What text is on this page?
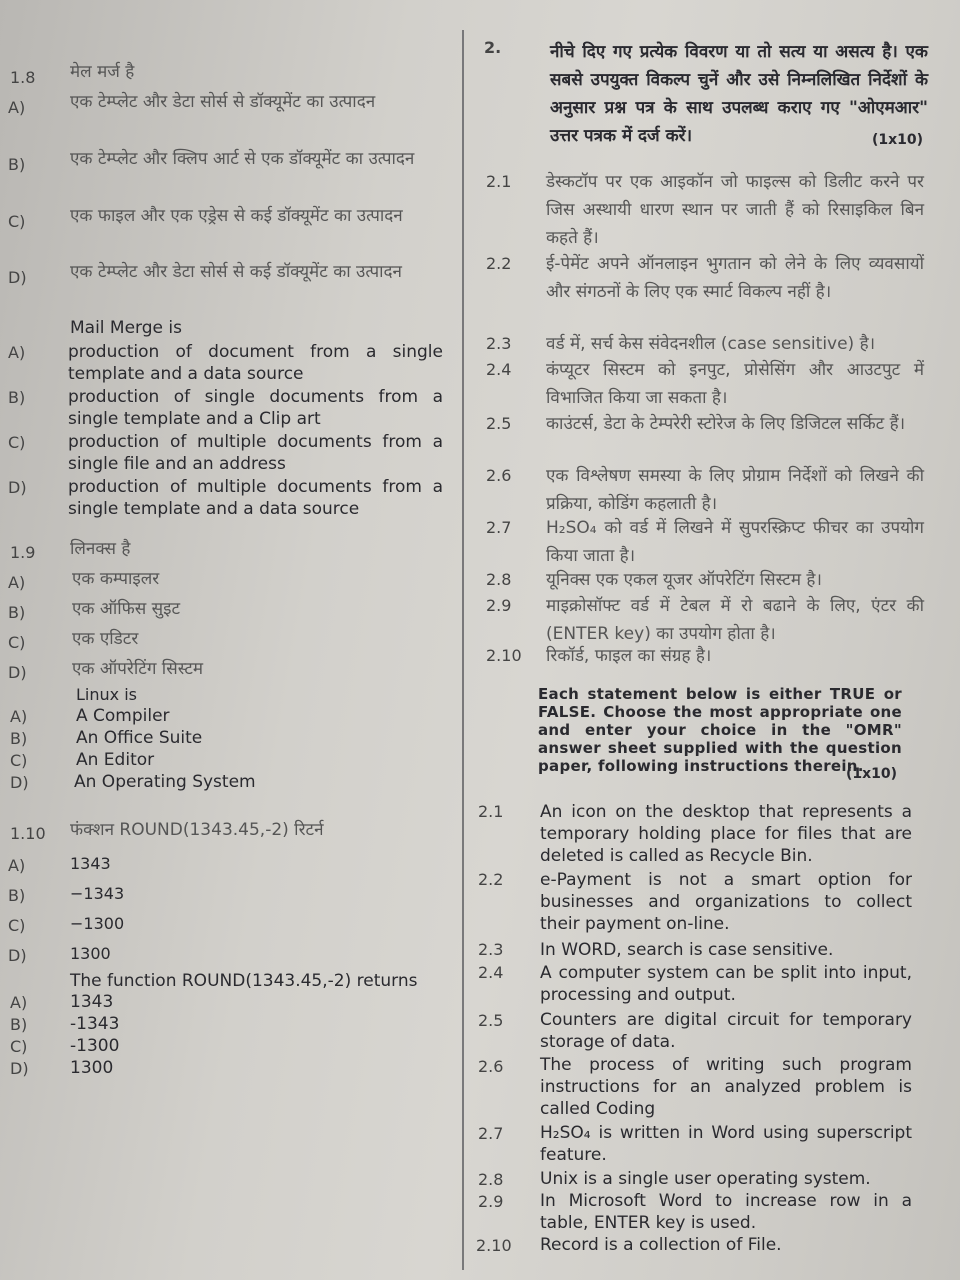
1.8 मेल मर्ज है
A)	एक टेम्प्लेट और डेटा सोर्स से डॉक्यूमेंट का उत्पादन
B)	एक टेम्प्लेट और क्लिप आर्ट से एक डॉक्यूमेंट का उत्पादन
C)	एक फाइल और एक एड्रेस से कई डॉक्यूमेंट का उत्पादन
D)	एक टेम्प्लेट और डेटा सोर्स से कई डॉक्यूमेंट का उत्पादन
Mail Merge is
A)	production of document from a single template and a data source
B)	production of single documents from a single template and a Clip art
C)	production of multiple documents from a single file and an address
D) production of multiple documents from a single template and a data source
1.9 लिनक्स है
A)	एक कम्पाइलर
B)	एक ऑफिस सुइट
C)	एक एडिटर
D)	एक ऑपरेटिंग सिस्टम
Linux is
A)	A Compiler
B)	An Office Suite
C)	An Editor
D)	An Operating System
1.10 फंक्शन ROUND(1343.45,-2) रिटर्न
A)	1343
B)	−1343
C)	−1300
D)	1300
The function ROUND(1343.45,-2) returns
A)	1343
B)	-1343
C)	-1300
D) 1300
2.	नीचे दिए गए प्रत्येक विवरण या तो सत्य या असत्य है। एक सबसे उपयुक्त विकल्प चुनें और उसे निम्नलिखित निर्देशों के अनुसार प्रश्न पत्र के साथ उपलब्ध कराए गए "ओएमआर" उत्तर पत्रक में दर्ज करें।	(1x10)
2.1 डेस्कटॉप पर एक आइकॉन जो फाइल्स को डिलीट करने पर जिस अस्थायी धारण स्थान पर जाती हैं को रिसाइकिल बिन कहते हैं।
2.2 ई-पेमेंट अपने ऑनलाइन भुगतान को लेने के लिए व्यवसायों और संगठनों के लिए एक स्मार्ट विकल्प नहीं है।
2.3 वर्ड में, सर्च केस संवेदनशील (case sensitive) है।
2.4 कंप्यूटर सिस्टम को इनपुट, प्रोसेसिंग और आउटपुट में विभाजित किया जा सकता है।
2.5 काउंटर्स, डेटा के टेम्परेरी स्टोरेज के लिए डिजिटल सर्किट हैं।
2.6 एक विश्लेषण समस्या के लिए प्रोग्राम निर्देशों को लिखने की प्रक्रिया, कोडिंग कहलाती है।
2.7 H₂SO₄ को वर्ड में लिखने में सुपरस्क्रिप्ट फीचर का उपयोग किया जाता है।
2.8 यूनिक्स एक एकल यूजर ऑपरेटिंग सिस्टम है।
2.9 माइक्रोसॉफ्ट वर्ड में टेबल में रो बढाने के लिए, एंटर की (ENTER key) का उपयोग होता है।
2.10 रिकॉर्ड, फाइल का संग्रह है।
Each statement below is either TRUE or FALSE. Choose the most appropriate one and enter your choice in the "OMR" answer sheet supplied with the question paper, following instructions therein.
(1x10)
2.1 An icon on the desktop that represents a temporary holding place for files that are deleted is called as Recycle Bin.
2.2 e-Payment is not a smart option for businesses and organizations to collect their payment on-line.
2.3 In WORD, search is case sensitive.
2.4 A computer system can be split into input, processing and output.
2.5 Counters are digital circuit for temporary storage of data.
2.6 The process of writing such program instructions for an analyzed problem is called Coding
2.7 H₂SO₄ is written in Word using superscript feature.
2.8 Unix is a single user operating system.
2.9 In Microsoft Word to increase row in a table, ENTER key is used.
2.10 Record is a collection of File.
